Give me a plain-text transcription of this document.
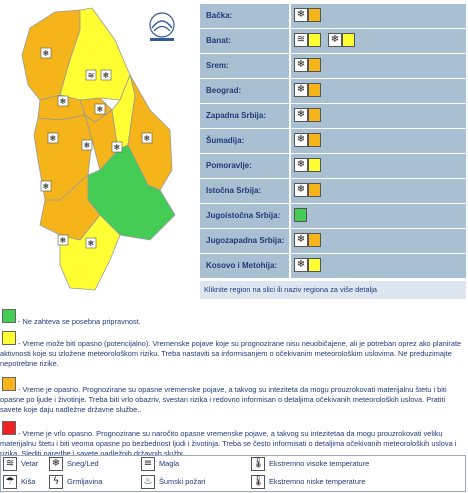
❄
≋ ❄
❄
❄
❄
❄	❄
❄
❄
❄	❄
Bačka:	❄
Banat:	≋	❄
Srem:	❄
Beograd:	❄
Zapadna Srbija:	❄
Šumadija:	❄
Pomoravlje:	❄
Istočna Srbija:	❄
Jugoistočna Srbija:
Jugozapadna Srbija:	❄
Kosovo i Metohija:	❄
Kliknite region na slici ili naziv regiona za više detalja
- Ne zahteva se posebna pripravnost.
- Vreme može biti opasno (potencijalno). Vremenske pojave koje su prognozirane nisu neuobičajene, ali je potreban oprez ako planirate aktivnosti koje su izložene meteorološkom riziku. Treba nastaviti sa informisanjem o očekivanim meteorološkim uslovima. Ne preduzimajte nepotrebne rizike.
- Vreme je opasno. Prognozirane su opasne vremenske pojave, a takvog su inteziteta da mogu prouzrokovati materijalnu štetu i biti opasne po ljude i životinje. Treba biti vrlo obazriv, svestan rizika i redovno informisan o detaljima očekivanih meteoroloških uslova. Pratiti savete koje daju nadležne državne službe..
- Vreme je vrlo opasno. Prognozirane su naročito opasne vremenske pojave, a takvog su intezitetaa da mogu prouzrokovati veliku materijalnu štetu i biti veoma opasne po bezbednost ljudi i životinja. Treba se često informisati o detaljima očekivanih meteoroloških uslova i rizika. Slediti naredbe i savete nadležnih državnih službi.
≋ Vetar ❄ Sneg/Led	≡ Magla	🌡 Ekstremno visoke temperature
☂ Kiša	ϟ	Grmljavina	♨ Šumski požari	🌡 Ekstremno niske temperature
